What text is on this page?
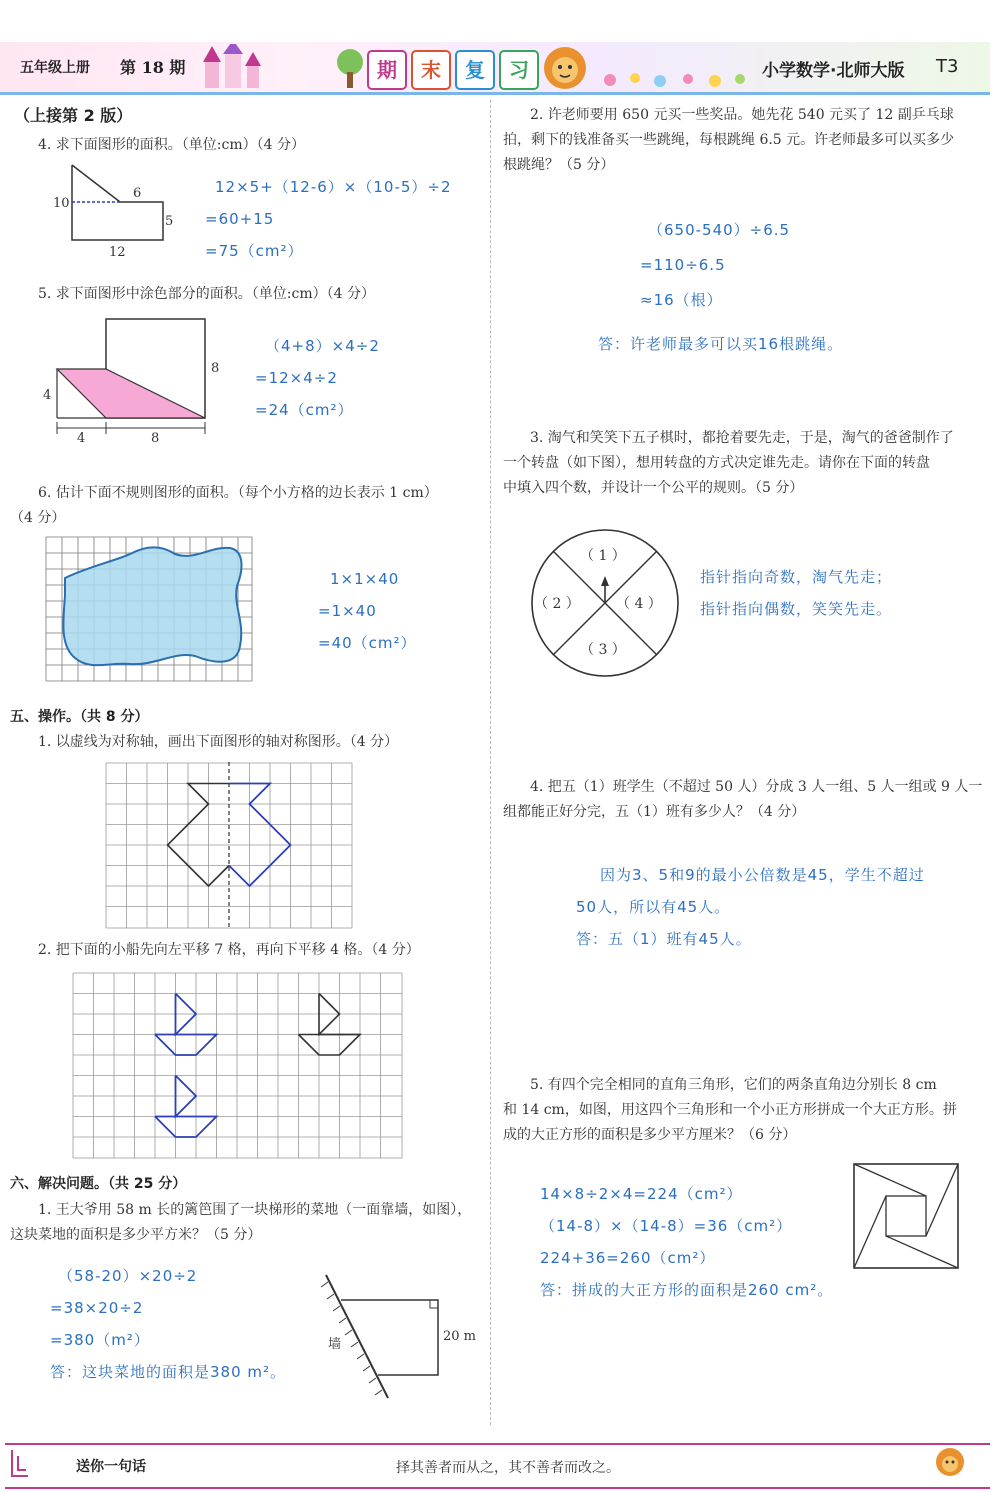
五年级上册 第 18 期	期	末	复	习	小学数学·北师大版 T3
（上接第 2 版）
4. 求下面图形的面积。（单位:cm）（4 分）
10
6
5
12
12×5+（12-6）×（10-5）÷2
=60+15
=75（cm²）
5. 求下面图形中涂色部分的面积。（单位:cm）（4 分）
8
4
4	8
（4+8）×4÷2
=12×4÷2
=24（cm²）
6. 估计下面不规则图形的面积。（每个小方格的边长表示 1 cm）
（4 分）
1×1×40
=1×40
=40（cm²）
五、操作。（共 8 分）
1. 以虚线为对称轴，画出下面图形的轴对称图形。（4 分）
2. 把下面的小船先向左平移 7 格，再向下平移 4 格。（4 分）
六、解决问题。（共 25 分）
1. 王大爷用 58 m 长的篱笆围了一块梯形的菜地（一面靠墙，如图），
这块菜地的面积是多少平方米？（5 分）
（58-20）×20÷2
=38×20÷2
=380（m²）
答：这块菜地的面积是380 m²。
墙
20 m
2. 许老师要用 650 元买一些奖品。她先花 540 元买了 12 副乒乓球
拍，剩下的钱准备买一些跳绳，每根跳绳 6.5 元。许老师最多可以买多少
根跳绳？（5 分）
（650-540）÷6.5
=110÷6.5
≈16（根）
答：许老师最多可以买16根跳绳。
3. 淘气和笑笑下五子棋时，都抢着要先走，于是，淘气的爸爸制作了
一个转盘（如下图），想用转盘的方式决定谁先走。请你在下面的转盘
中填入四个数，并设计一个公平的规则。（5 分）
（ 1 ）
（ 2 ）	（ 4 ）
（ 3 ）
指针指向奇数，淘气先走；
指针指向偶数，笑笑先走。
4. 把五（1）班学生（不超过 50 人）分成 3 人一组、5 人一组或 9 人一
组都能正好分完，五（1）班有多少人？（4 分）
因为3、5和9的最小公倍数是45，学生不超过
50人，所以有45人。
答：五（1）班有45人。
5. 有四个完全相同的直角三角形，它们的两条直角边分别长 8 cm
和 14 cm，如图，用这四个三角形和一个小正方形拼成一个大正方形。拼
成的大正方形的面积是多少平方厘米？（6 分）
14×8÷2×4=224（cm²）
（14-8）×（14-8）=36（cm²）
224+36=260（cm²）
答：拼成的大正方形的面积是260 cm²。
送你一句话	择其善者而从之，其不善者而改之。
